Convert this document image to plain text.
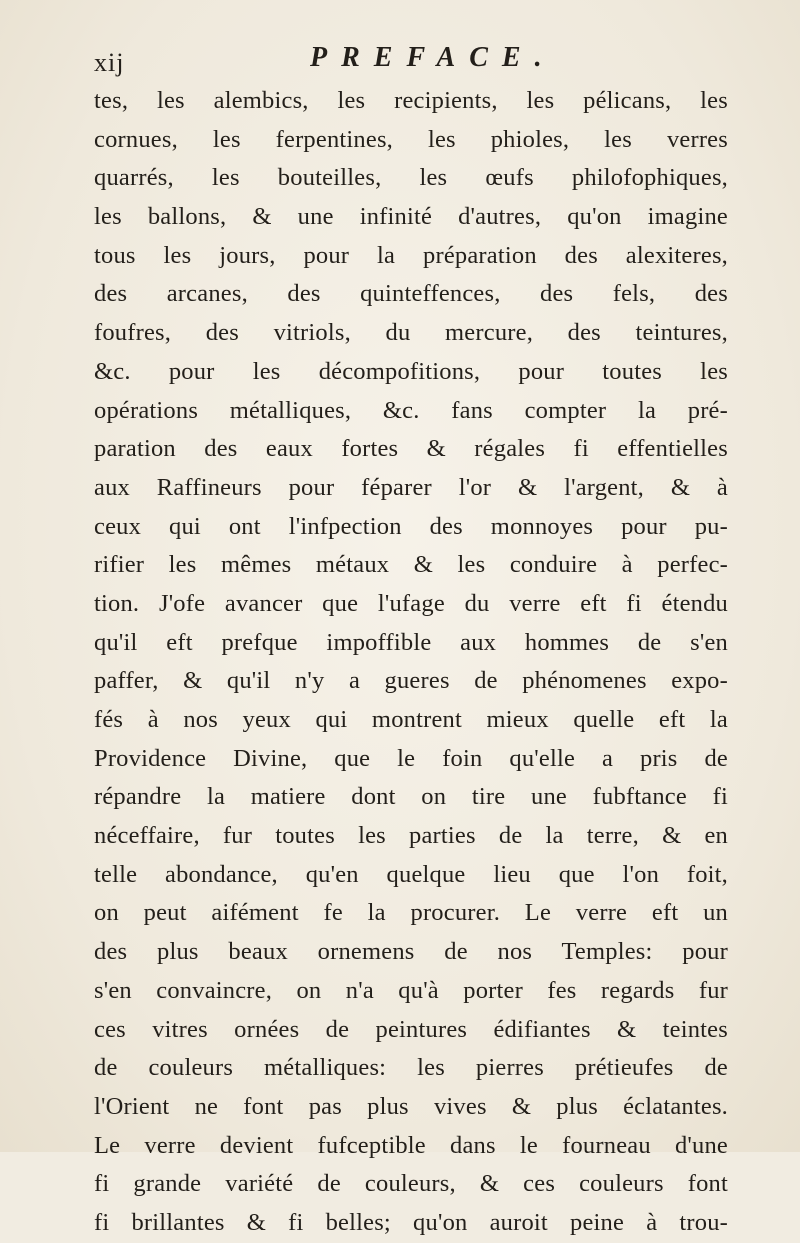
xij	PREFACE.
tes, les alembics, les recipients, les pélicans, les
cornues, les ferpentines, les phioles, les verres
quarrés, les bouteilles, les œufs philofophiques,
les ballons, & une infinité d'autres, qu'on imagine
tous les jours, pour la préparation des alexiteres,
des arcanes, des quinteffences, des fels, des
foufres, des vitriols, du mercure, des teintures,
&c. pour les décompofitions, pour toutes les
opérations métalliques, &c. fans compter la pré-
paration des eaux fortes & régales fi effentielles
aux Raffineurs pour féparer l'or & l'argent, & à
ceux qui ont l'infpection des monnoyes pour pu-
rifier les mêmes métaux & les conduire à perfec-
tion. J'ofe avancer que l'ufage du verre eft fi étendu
qu'il eft prefque impoffible aux hommes de s'en
paffer, & qu'il n'y a gueres de phénomenes expo-
fés à nos yeux qui montrent mieux quelle eft la
Providence Divine, que le foin qu'elle a pris de
répandre la matiere dont on tire une fubftance fi
néceffaire, fur toutes les parties de la terre, & en
telle abondance, qu'en quelque lieu que l'on foit,
on peut aifément fe la procurer. Le verre eft un
des plus beaux ornemens de nos Temples: pour
s'en convaincre, on n'a qu'à porter fes regards fur
ces vitres ornées de peintures édifiantes & teintes
de couleurs métalliques: les pierres prétieufes de
l'Orient ne font pas plus vives & plus éclatantes.
Le verre devient fufceptible dans le fourneau d'une
fi grande variété de couleurs, & ces couleurs font
fi brillantes & fi belles; qu'on auroit peine à trou-
